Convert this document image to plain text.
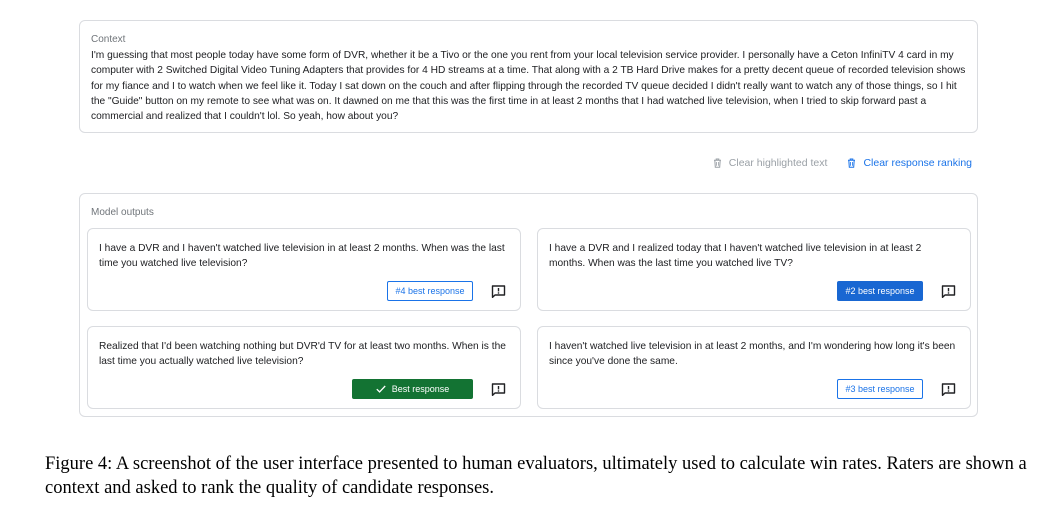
Context
I'm guessing that most people today have some form of DVR, whether it be a Tivo or the one you rent from your local television service provider. I personally have a Ceton InfiniTV 4 card in my computer with 2 Switched Digital Video Tuning Adapters that provides for 4 HD streams at a time. That along with a 2 TB Hard Drive makes for a pretty decent queue of recorded television shows for my fiance and I to watch when we feel like it. Today I sat down on the couch and after flipping through the recorded TV queue decided I didn't really want to watch any of those things, so I hit the "Guide" button on my remote to see what was on. It dawned on me that this was the first time in at least 2 months that I had watched live television, when I tried to skip forward past a commercial and realized that I couldn't lol. So yeah, how about you?
Clear highlighted text	Clear response ranking
Model outputs
I have a DVR and I haven't watched live television in at least 2 months. When was the last time you watched live television?
#4 best response
I have a DVR and I realized today that I haven't watched live television in at least 2 months. When was the last time you watched live TV?
#2 best response
Realized that I'd been watching nothing but DVR'd TV for at least two months. When is the last time you actually watched live television?
Best response
I haven't watched live television in at least 2 months, and I'm wondering how long it's been since you've done the same.
#3 best response
Figure 4: A screenshot of the user interface presented to human evaluators, ultimately used to calculate win rates. Raters are shown a context and asked to rank the quality of candidate responses.
